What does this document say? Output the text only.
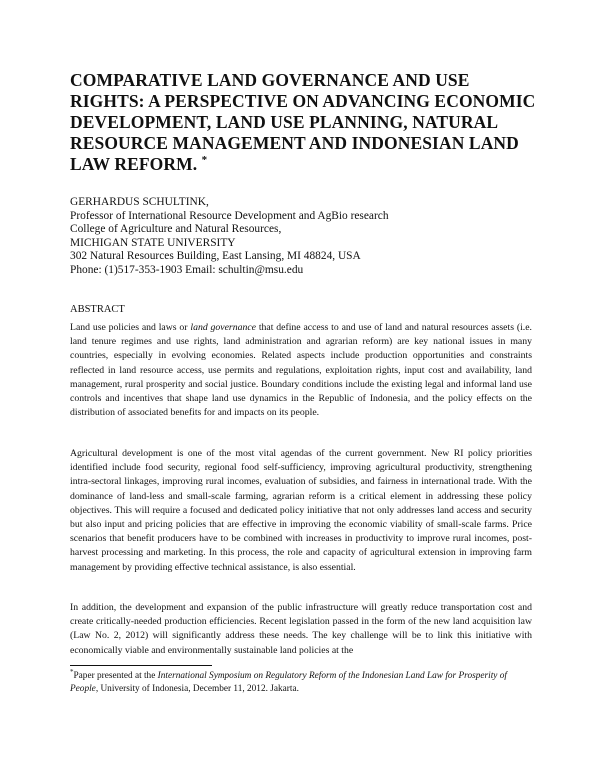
COMPARATIVE LAND GOVERNANCE AND USE RIGHTS: A PERSPECTIVE ON ADVANCING ECONOMIC DEVELOPMENT, LAND USE PLANNING, NATURAL RESOURCE MANAGEMENT AND INDONESIAN LAND LAW REFORM. *
GERHARDUS SCHULTINK,
Professor of International Resource Development and AgBio research
College of Agriculture and Natural Resources,
MICHIGAN STATE UNIVERSITY
302 Natural Resources Building, East Lansing, MI 48824, USA
Phone: (1)517-353-1903 Email: schultin@msu.edu
ABSTRACT

Land use policies and laws or land governance that define access to and use of land and natural resources assets (i.e. land tenure regimes and use rights, land administration and agrarian reform) are key national issues in many countries, especially in evolving economies. Related aspects include production opportunities and constraints reflected in land resource access, use permits and regulations, exploitation rights, input cost and availability, land management, rural prosperity and social justice. Boundary conditions include the existing legal and informal land use controls and incentives that shape land use dynamics in the Republic of Indonesia, and the policy effects on the distribution of associated benefits for and impacts on its people.

Agricultural development is one of the most vital agendas of the current government. New RI policy priorities identified include food security, regional food self-sufficiency, improving agricultural productivity, strengthening intra-sectoral linkages, improving rural incomes, evaluation of subsidies, and fairness in international trade. With the dominance of land-less and small-scale farming, agrarian reform is a critical element in addressing these policy objectives. This will require a focused and dedicated policy initiative that not only addresses land access and security but also input and pricing policies that are effective in improving the economic viability of small-scale farms. Price scenarios that benefit producers have to be combined with increases in productivity to improve rural incomes, post-harvest processing and marketing. In this process, the role and capacity of agricultural extension in improving farm management by providing effective technical assistance, is also essential.

In addition, the development and expansion of the public infrastructure will greatly reduce transportation cost and create critically-needed production efficiencies. Recent legislation passed in the form of the new land acquisition law (Law No. 2, 2012) will significantly address these needs. The key challenge will be to link this initiative with economically viable and environmentally sustainable land policies at the

*Paper presented at the International Symposium on Regulatory Reform of the Indonesian Land Law for Prosperity of People, University of Indonesia, December 11, 2012. Jakarta.
